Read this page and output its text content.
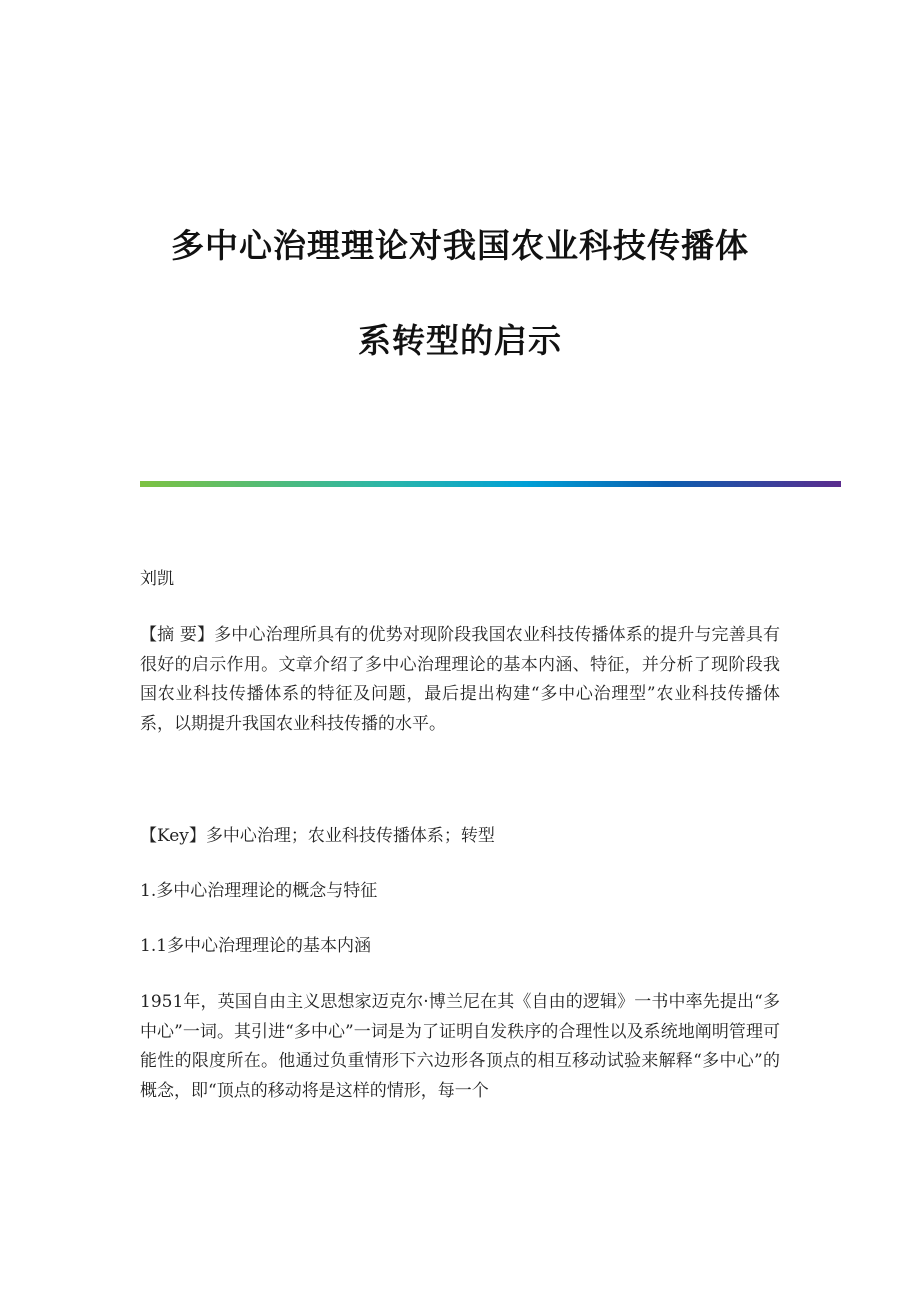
多中心治理理论对我国农业科技传播体
系转型的启示

刘凯

【摘 要】多中心治理所具有的优势对现阶段我国农业科技传播体系的提升与完善具有很好的启示作用。文章介绍了多中心治理理论的基本内涵、特征，并分析了现阶段我国农业科技传播体系的特征及问题，最后提出构建“多中心治理型”农业科技传播体系，以期提升我国农业科技传播的水平。

【Key】多中心治理；农业科技传播体系；转型

1.多中心治理理论的概念与特征

1.1多中心治理理论的基本内涵

1951年，英国自由主义思想家迈克尔·博兰尼在其《自由的逻辑》一书中率先提出“多中心”一词。其引进“多中心”一词是为了证明自发秩序的合理性以及系统地阐明管理可能性的限度所在。他通过负重情形下六边形各顶点的相互移动试验来解释“多中心”的概念，即“顶点的移动将是这样的情形，每一个
